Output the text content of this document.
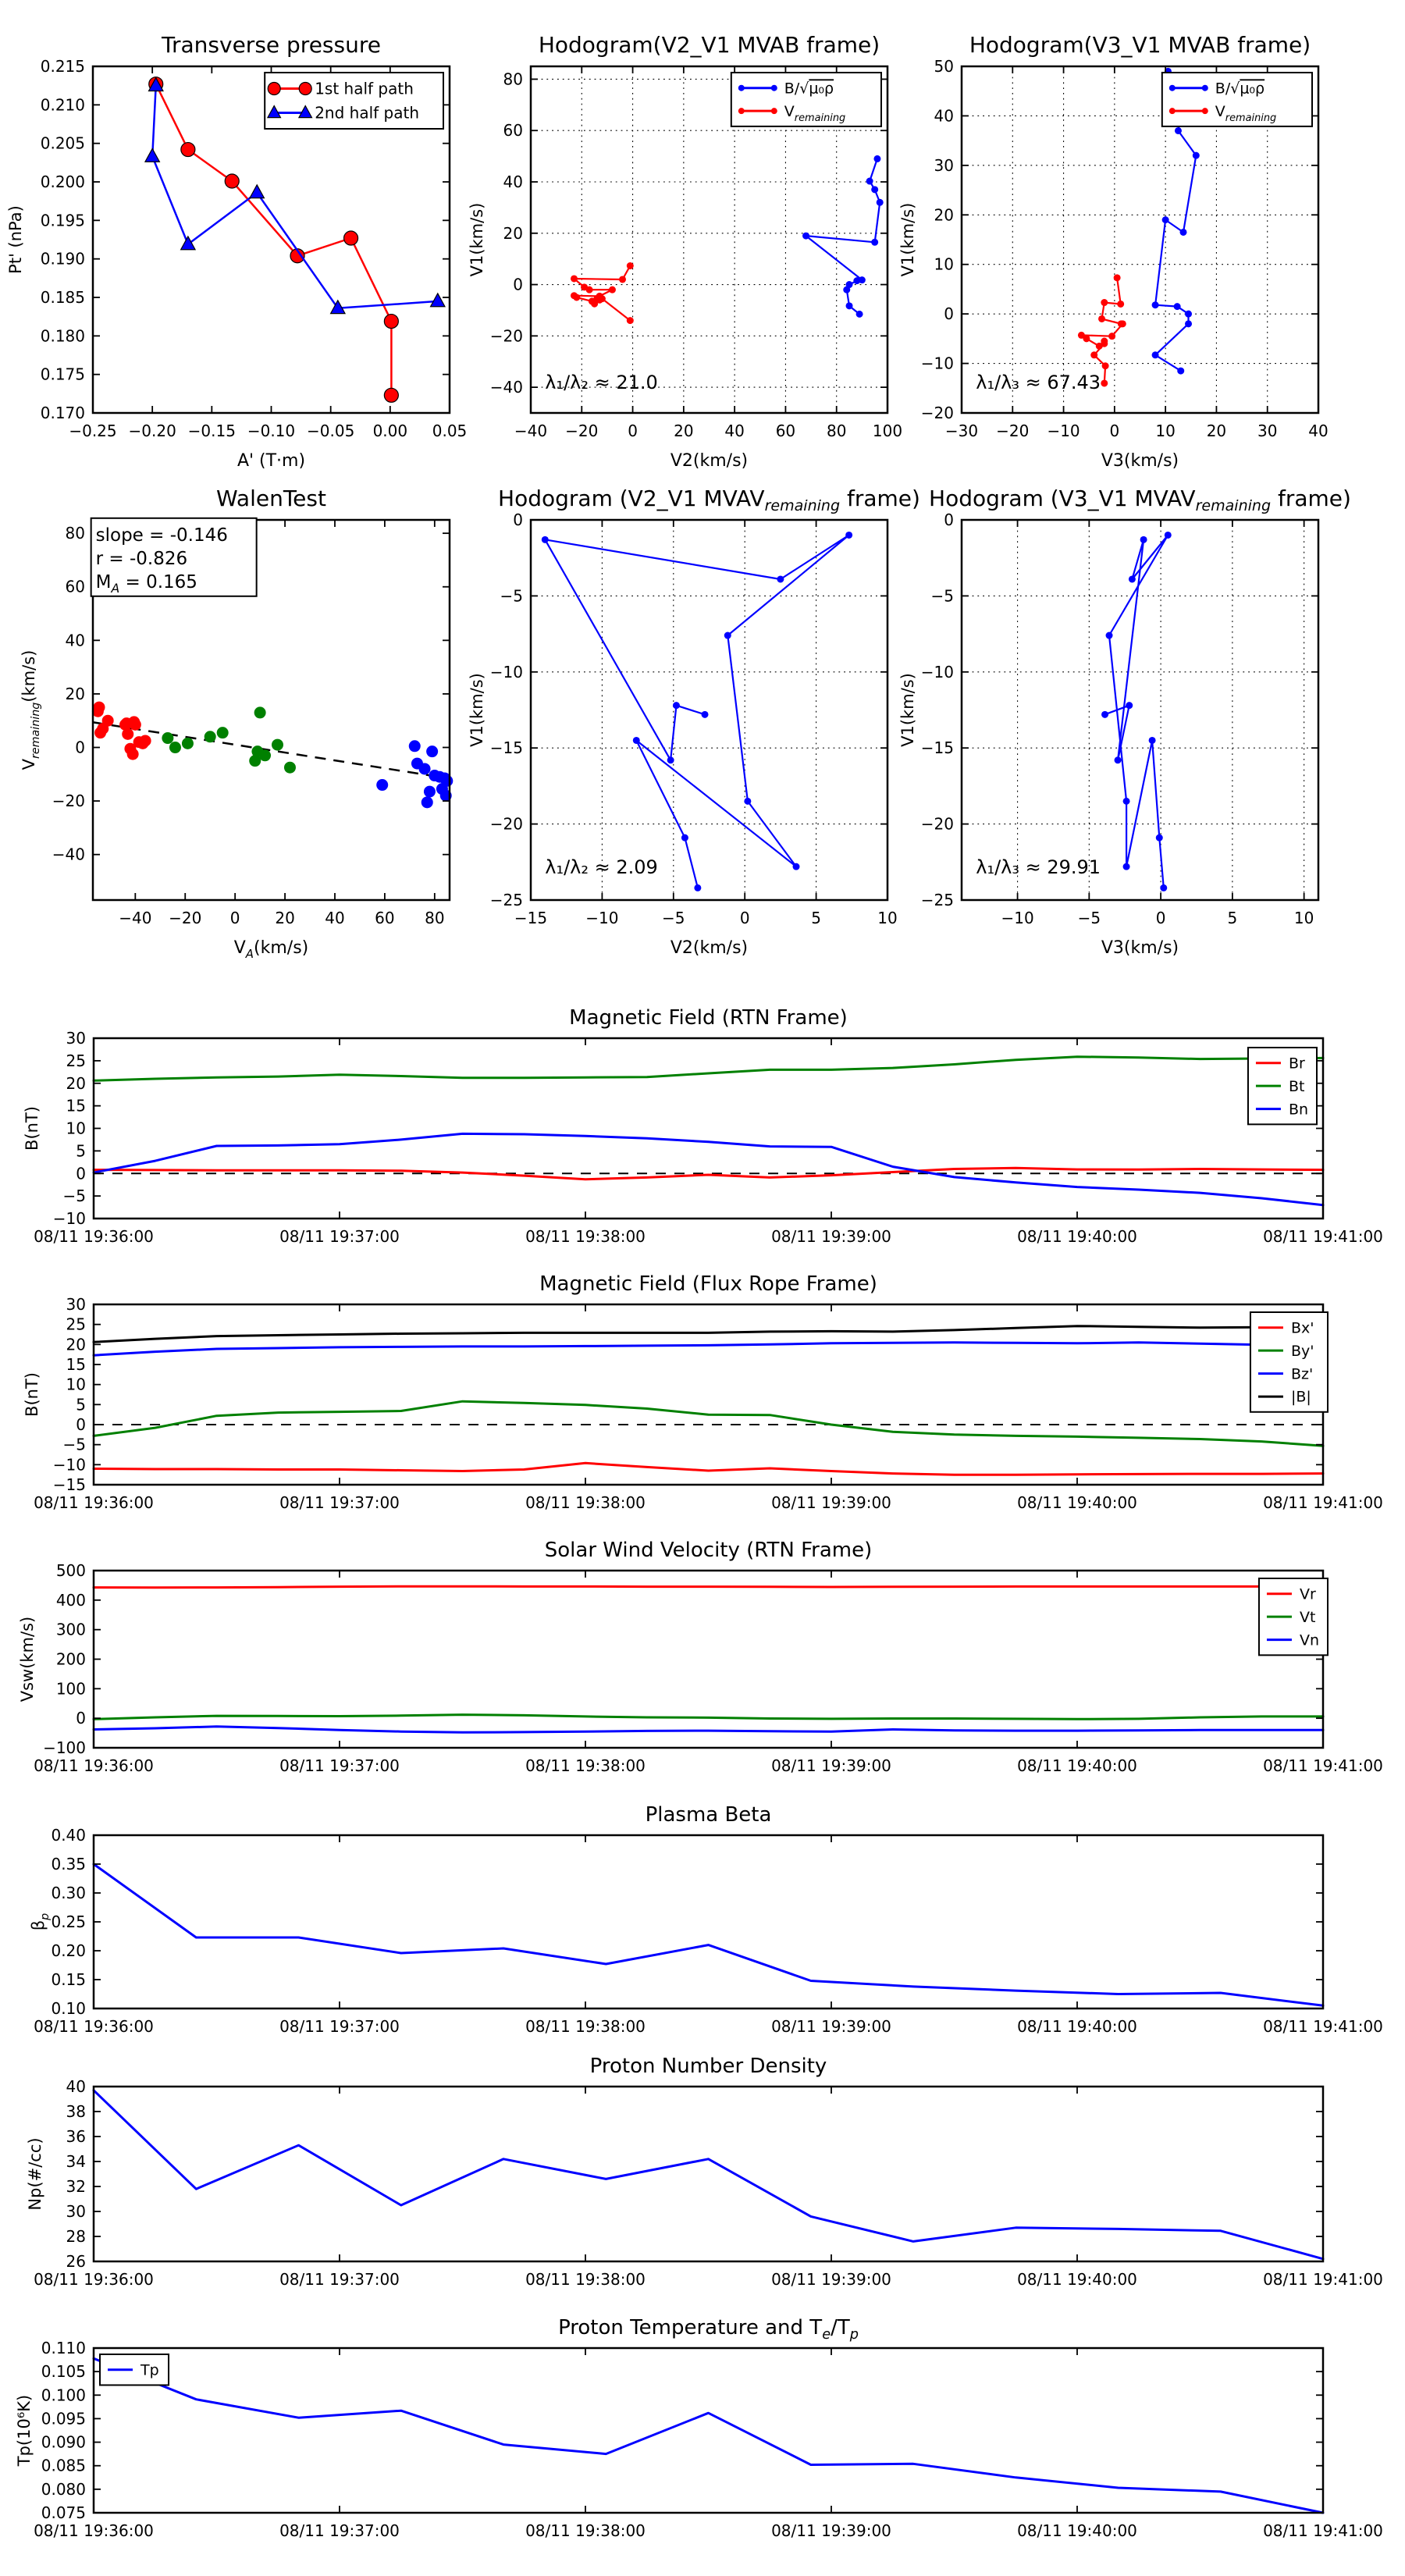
−0.25 −0.20 −0.15 −0.10 −0.05 0.00 0.05
0.170
0.175
0.180
0.185
0.190
0.195
0.200
0.205
0.210
0.215
Transverse pressure
A' (T·m)
Pt' (nPa)
1st half path
2nd half path
−40 −20 0 20 40 60 80 100
−40
−20
0
20
40
60
80
Hodogram(V2_V1 MVAB frame)
V2(km/s)
V1(km/s)
λ₁/λ₂ ≈ 21.0
B/√μ₀ρ
$V_{remaining}$
−30 −20 −10 0 10 20 30 40
−20
−10
0
10
20
30
40
50
Hodogram(V3_V1 MVAB frame)
V3(km/s)
V1(km/s)
λ₁/λ₃ ≈ 67.43
B/√μ₀ρ
$V_{remaining}$
−40 −20 0 20 40 60 80
−40
−20
0
20
40
60
80
WalenTest
$V_A(km/s)$
$V_{remaining}(km/s)$
slope = -0.146
r = -0.826
$M_A = 0.165$
−15 −10	−5	0	5	10
−25
−20
−15
−10
−5
0
Hodogram (V2_V1 $MVAV_{remaining}$ frame)
V2(km/s)
V1(km/s)
λ₁/λ₂ ≈ 2.09
−10	−5	0	5	10
−25
−20
−15
−10
−5
0
Hodogram (V3_V1 $MVAV_{remaining}$ frame)
V3(km/s)
V1(km/s)
λ₁/λ₃ ≈ 29.91
08/11 19:36:00	08/11 19:37:00	08/11 19:38:00	08/11 19:39:00	08/11 19:40:00	08/11 19:41:00
−10
−5
0
5
10
15
20
25
30
Magnetic Field (RTN Frame)
B(nT)
Br
Bt
Bn
08/11 19:36:00	08/11 19:37:00	08/11 19:38:00	08/11 19:39:00	08/11 19:40:00	08/11 19:41:00
−15
−10
−5
0
5
10
15
20
25
30
Magnetic Field (Flux Rope Frame)
B(nT)
Bx'
By'
Bz'
|B|
08/11 19:36:00	08/11 19:37:00	08/11 19:38:00	08/11 19:39:00	08/11 19:40:00	08/11 19:41:00
−100
0
100
200
300
400
500
Solar Wind Velocity (RTN Frame)
Vsw(km/s)
Vr
Vt
Vn
08/11 19:36:00	08/11 19:37:00	08/11 19:38:00	08/11 19:39:00	08/11 19:40:00	08/11 19:41:00
0.10
0.15
0.20
0.25
0.30
0.35
0.40
Plasma Beta
$\beta_p$
08/11 19:36:00	08/11 19:37:00	08/11 19:38:00	08/11 19:39:00	08/11 19:40:00	08/11 19:41:00
26
28
30
32
34
36
38
40
Proton Number Density
Np(#/cc)
08/11 19:36:00	08/11 19:37:00	08/11 19:38:00	08/11 19:39:00	08/11 19:40:00	08/11 19:41:00
0.075
0.080
0.085
0.090
0.095
0.100
0.105
0.110
Proton Temperature and $T_e/T_p$
Tp(10⁶K)
Tp
